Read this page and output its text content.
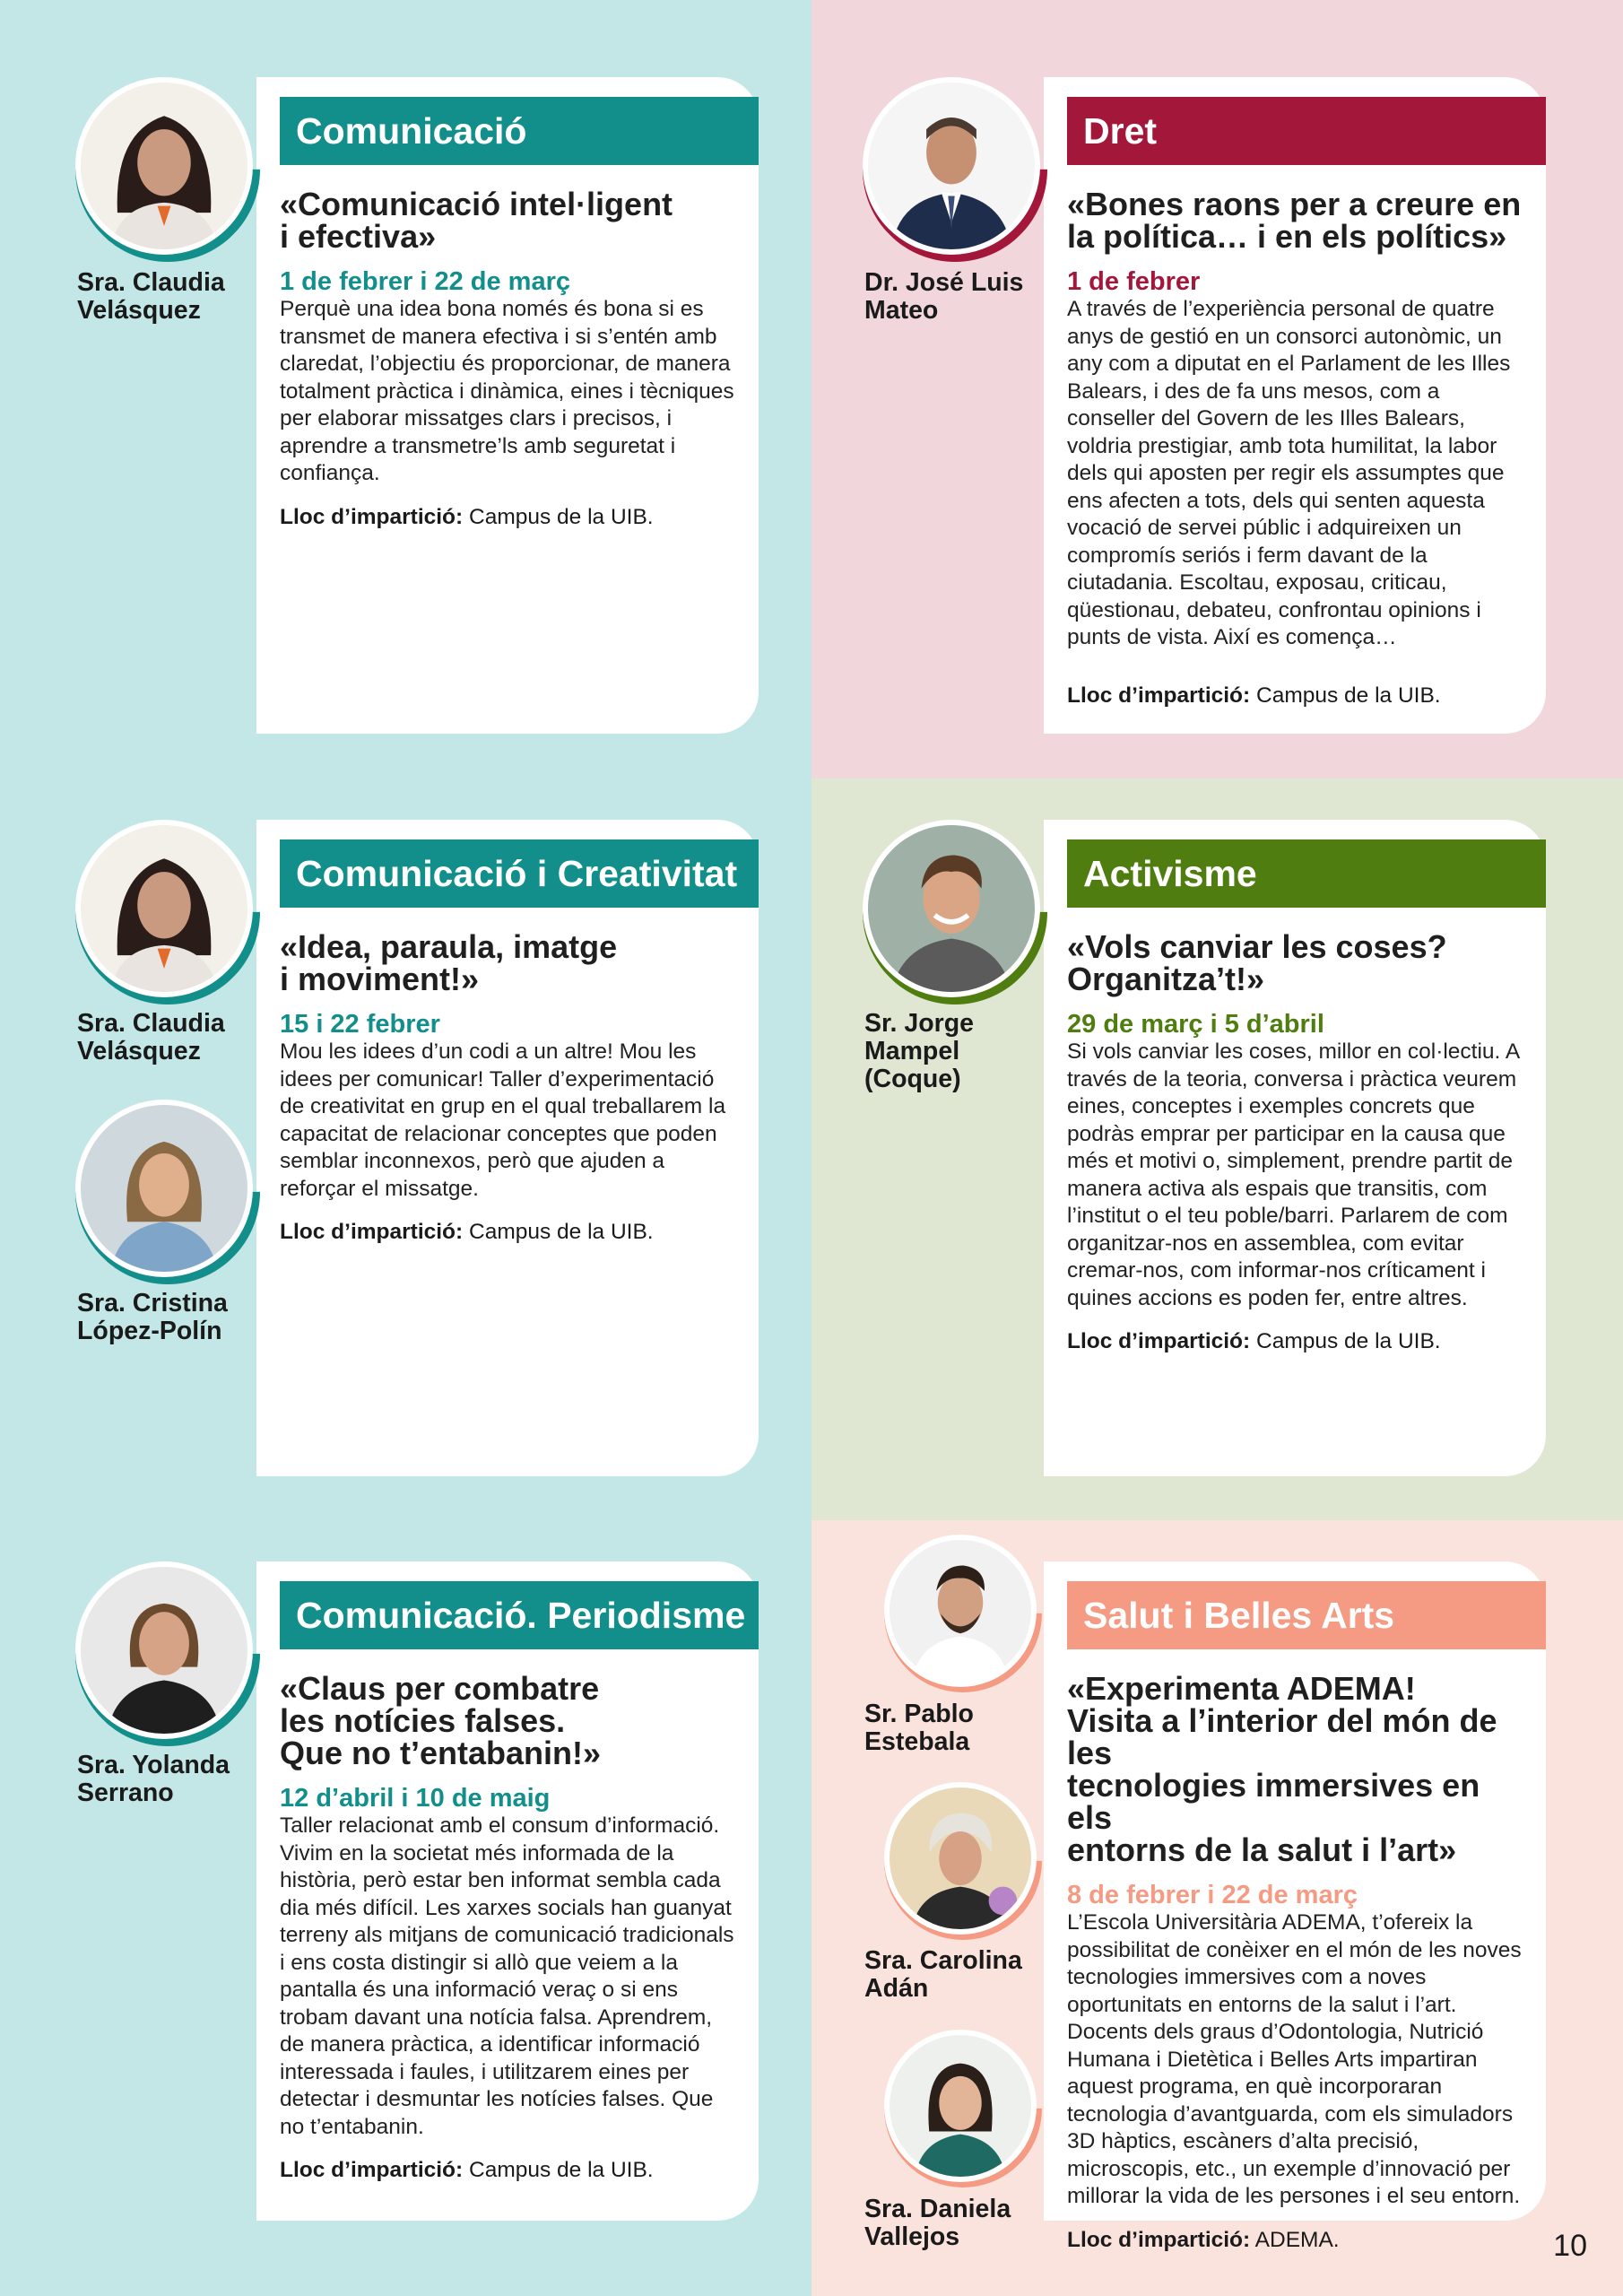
Comunicació
«Comunicació intel·ligent
i efectiva»
1 de febrer i 22 de març
Perquè una idea bona només és bona si es transmet de manera efectiva i si s’entén amb claredat, l’objectiu és proporcionar, de manera totalment pràctica i dinàmica, eines i tècniques per elaborar missatges clars i precisos, i aprendre a transmetre’ls amb seguretat i confiança.
Lloc d’impartició: Campus de la UIB.
Sra. Claudia
Velásquez
Dret
«Bones raons per a creure en
la política… i en els polítics»
1 de febrer
A través de l’experiència personal de quatre anys de gestió en un consorci autonòmic, un any com a diputat en el Parlament de les Illes Balears, i des de fa uns mesos, com a conseller del Govern de les Illes Balears, voldria prestigiar, amb tota humilitat, la labor dels qui aposten per regir els assumptes que ens afecten a tots, dels qui senten aquesta vocació de servei públic i adquireixen un compromís seriós i ferm davant de la ciutadania. Escoltau, exposau, criticau, qüestionau, debateu, confrontau opinions i punts de vista. Així es comença…
Lloc d’impartició: Campus de la UIB.
Dr. José Luis
Mateo
Comunicació i Creativitat
«Idea, paraula, imatge
i moviment!»
15 i 22 febrer
Mou les idees d’un codi a un altre! Mou les idees per comunicar! Taller d’experimentació de creativitat en grup en el qual treballarem la capacitat de relacionar conceptes que poden semblar inconnexos, però que ajuden a reforçar el missatge.
Lloc d’impartició: Campus de la UIB.
Sra. Claudia
Velásquez
Sra. Cristina
López-Polín
Activisme
«Vols canviar les coses?
Organitza’t!»
29 de març i 5 d’abril
Si vols canviar les coses, millor en col·lectiu. A través de la teoria, conversa i pràctica veurem eines, conceptes i exemples concrets que podràs emprar per participar en la causa que més et motivi o, simplement, prendre partit de manera activa als espais que transitis, com l’institut o el teu poble/barri. Parlarem de com organitzar-nos en assemblea, com evitar cremar-nos, com informar-nos críticament i quines accions es poden fer, entre altres.
Lloc d’impartició: Campus de la UIB.
Sr. Jorge
Mampel
(Coque)
Comunicació. Periodisme
«Claus per combatre
les notícies falses.
Que no t’entabanin!»
12 d’abril i 10 de maig
Taller relacionat amb el consum d’informació. Vivim en la societat més informada de la història, però estar ben informat sembla cada dia més difícil. Les xarxes socials han guanyat terreny als mitjans de comunicació tradicionals i ens costa distingir si allò que veiem a la pantalla és una informació veraç o si ens trobam davant una notícia falsa. Aprendrem, de manera pràctica, a identificar informació interessada i faules, i utilitzarem eines per detectar i desmuntar les notícies falses. Que no t’entabanin.
Lloc d’impartició: Campus de la UIB.
Sra. Yolanda
Serrano
Salut i Belles Arts
«Experimenta ADEMA!
Visita a l’interior del món de les
tecnologies immersives en els
entorns de la salut i l’art»
8 de febrer i 22 de març
L’Escola Universitària ADEMA, t’ofereix la possibilitat de conèixer en el món de les noves tecnologies immersives com a noves oportunitats en entorns de la salut i l’art. Docents dels graus d’Odontologia, Nutrició Humana i Dietètica i Belles Arts impartiran aquest programa, en què incorporaran tecnologia d’avantguarda, com els simuladors 3D hàptics, escàners d’alta precisió, microscopis, etc., un exemple d’innovació per millorar la vida de les persones i el seu entorn.
Lloc d’impartició: ADEMA.
Sr. Pablo
Estebala
Sra. Carolina
Adán
Sra. Daniela
Vallejos	10
